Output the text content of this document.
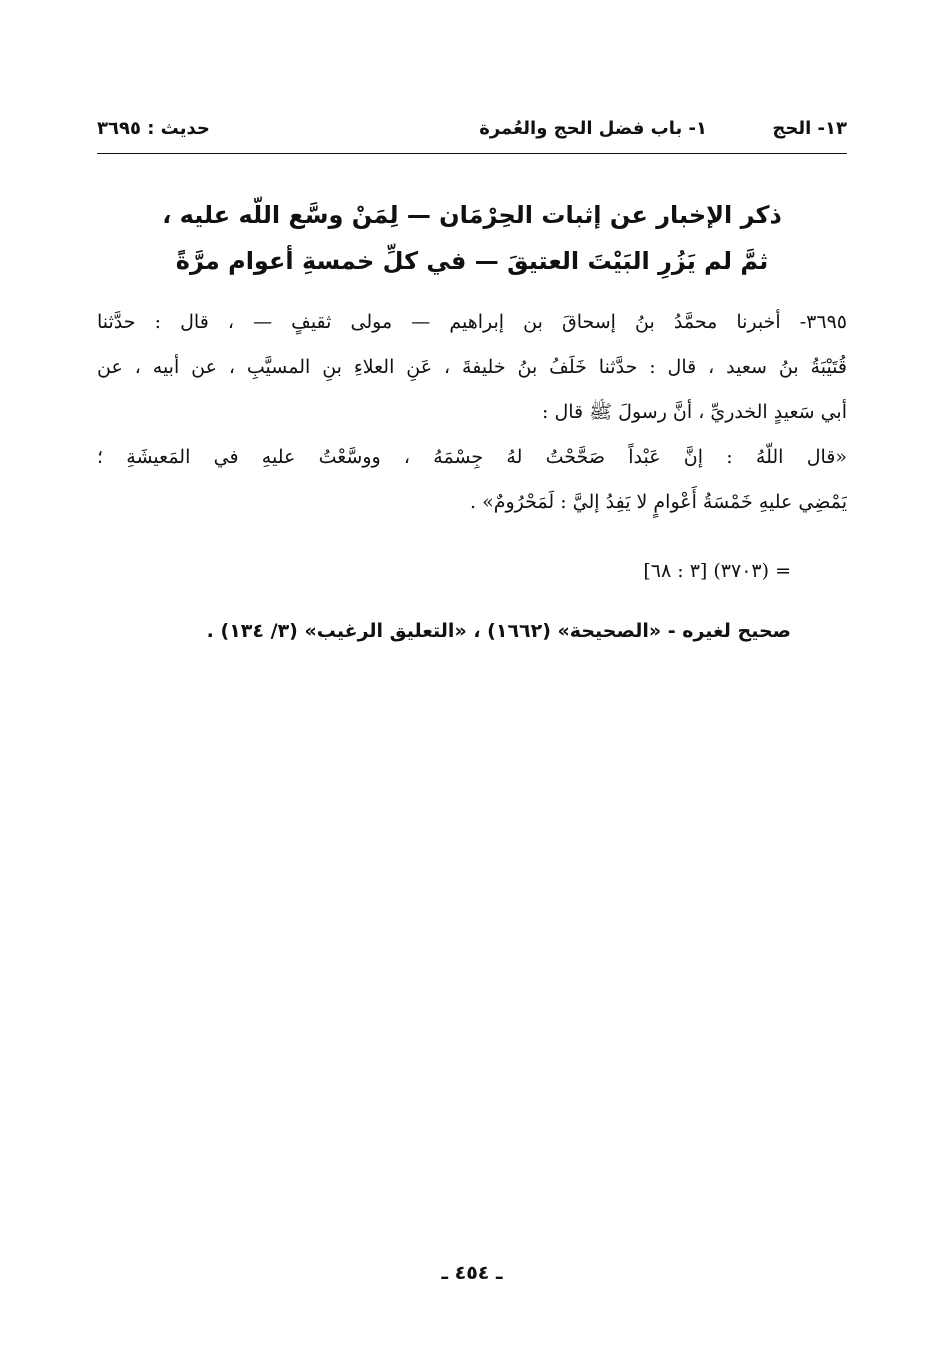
١٣- الحج
١- باب فضل الحج والعُمرة
حديث : ٣٦٩٥
ذكر الإخبار عن إثبات الحِرْمَان — لِمَنْ وسَّع اللّه عليه ،
ثمَّ لم يَزُرِ البَيْتَ العتيقَ — في كلِّ خمسةِ أعوام مرَّةً
٣٦٩٥- أخبرنا محمَّدُ بنُ إسحاقَ بن إبراهيم — مولى ثقيفٍ — ، قال : حدَّثنا
قُتَيْبَةُ بنُ سعيد ، قال : حدَّثنا خَلَفُ بنُ خليفةَ ، عَنِ العلاءِ بنِ المسيَّبِ ، عن أبيه ، عن
أبي سَعيدٍ الخدريِّ ، أنَّ رسولَ ﷺ قال :
«قال اللّهُ : إنَّ عَبْداً صَحَّحْتُ لهُ جِسْمَهُ ، ووسَّعْتُ عليهِ في المَعيشَةِ ؛
يَمْضِي عليهِ خَمْسَةُ أَعْوامٍ لا يَفِدُ إليَّ : لَمَحْرُومٌ» .
= (٣٧٠٣) [٣ : ٦٨]
صحيح لغيره - «الصحيحة» (١٦٦٢) ، «التعليق الرغيب» (٣/ ١٣٤) .
ـ ٤٥٤ ـ
